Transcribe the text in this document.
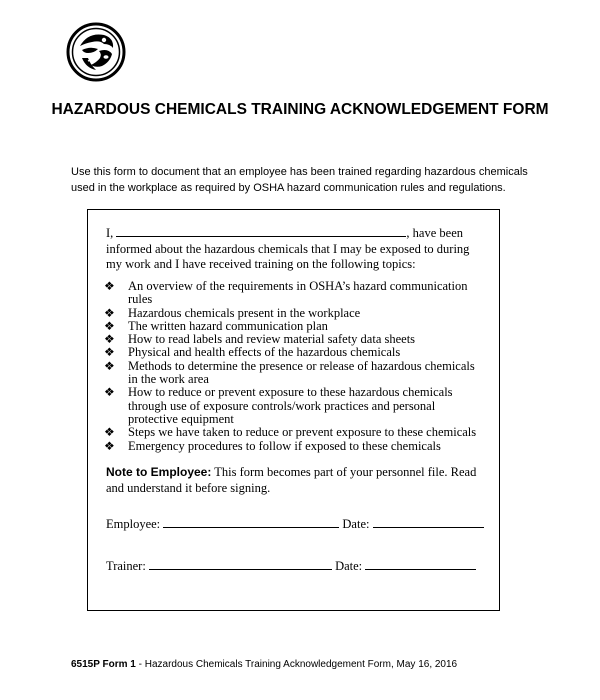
HAZARDOUS CHEMICALS TRAINING ACKNOWLEDGEMENT FORM

Use this form to document that an employee has been trained regarding hazardous chemicals used in the workplace as required by OSHA hazard communication rules and regulations.

I,	, have been informed about the hazardous chemicals that I may be exposed to during my work and I have received training on the following topics:

❖ An overview of the requirements in OSHA’s hazard communication rules
❖ Hazardous chemicals present in the workplace
❖ The written hazard communication plan
❖ How to read labels and review material safety data sheets
❖ Physical and health effects of the hazardous chemicals
❖ Methods to determine the presence or release of hazardous chemicals in the work area
❖ How to reduce or prevent exposure to these hazardous chemicals through use of exposure controls/work practices and personal protective equipment
❖ Steps we have taken to reduce or prevent exposure to these chemicals
❖ Emergency procedures to follow if exposed to these chemicals

Note to Employee: This form becomes part of your personnel file. Read and understand it before signing.

Employee:	Date:

Trainer:	Date:

6515P Form 1 - Hazardous Chemicals Training Acknowledgement Form, May 16, 2016
